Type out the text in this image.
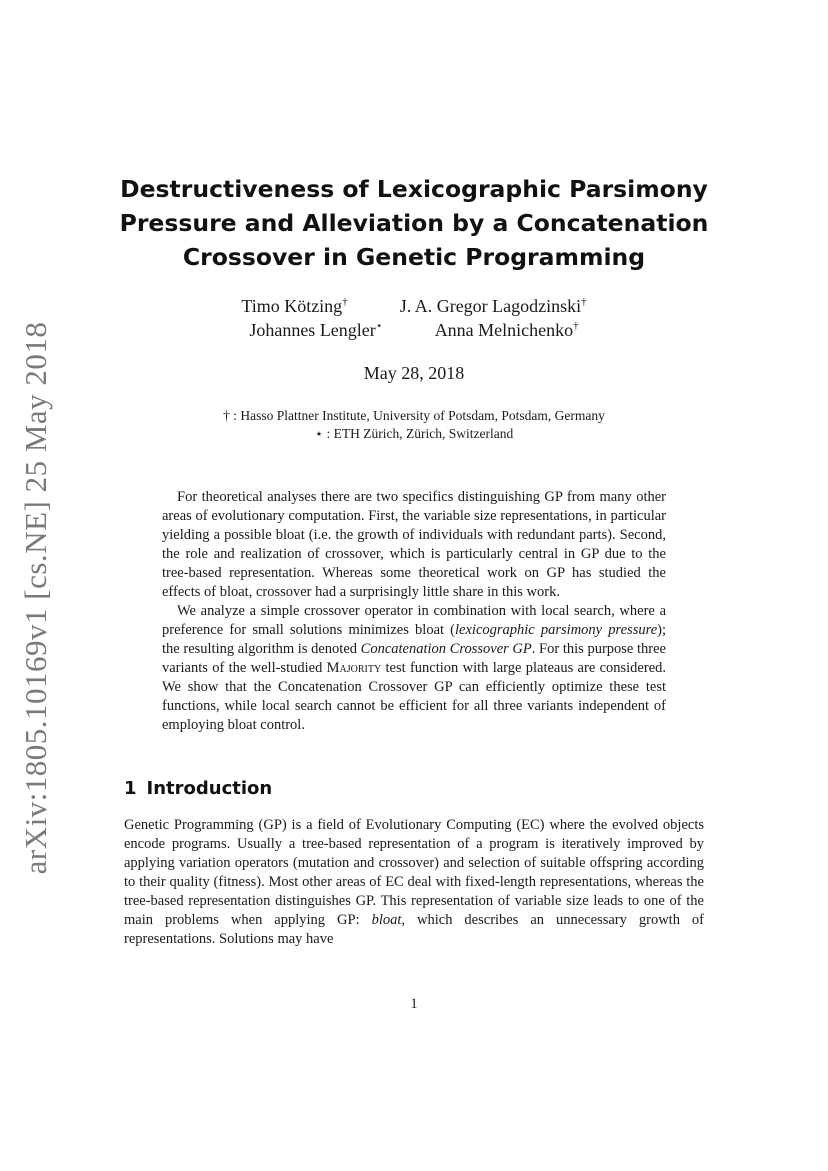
arXiv:1805.10169v1 [cs.NE] 25 May 2018
Destructiveness of Lexicographic Parsimony
Pressure and Alleviation by a Concatenation
Crossover in Genetic Programming
Timo Kötzing†	J. A. Gregor Lagodzinski†
Johannes Lengler⋆	Anna Melnichenko†
May 28, 2018
† : Hasso Plattner Institute, University of Potsdam, Potsdam, Germany
⋆ : ETH Zürich, Zürich, Switzerland

For theoretical analyses there are two specifics distinguishing GP from many other areas of evolutionary computation. First, the variable size representations, in particular yielding a possible bloat (i.e. the growth of individuals with redundant parts). Second, the role and realization of crossover, which is particularly central in GP due to the tree-based representation. Whereas some theoretical work on GP has studied the effects of bloat, crossover had a surprisingly little share in this work.

We analyze a simple crossover operator in combination with local search, where a preference for small solutions minimizes bloat (lexicographic parsimony pressure); the resulting algorithm is denoted Concatenation Crossover GP. For this purpose three variants of the well-studied Majority test function with large plateaus are considered. We show that the Concatenation Crossover GP can efficiently optimize these test functions, while local search cannot be efficient for all three variants independent of employing bloat control.

1 Introduction

Genetic Programming (GP) is a field of Evolutionary Computing (EC) where the evolved objects encode programs. Usually a tree-based representation of a program is iteratively improved by applying variation operators (mutation and crossover) and selection of suitable offspring according to their quality (fitness). Most other areas of EC deal with fixed-length representations, whereas the tree-based representation distinguishes GP. This representation of variable size leads to one of the main problems when applying GP: bloat, which describes an unnecessary growth of representations. Solutions may have

1
